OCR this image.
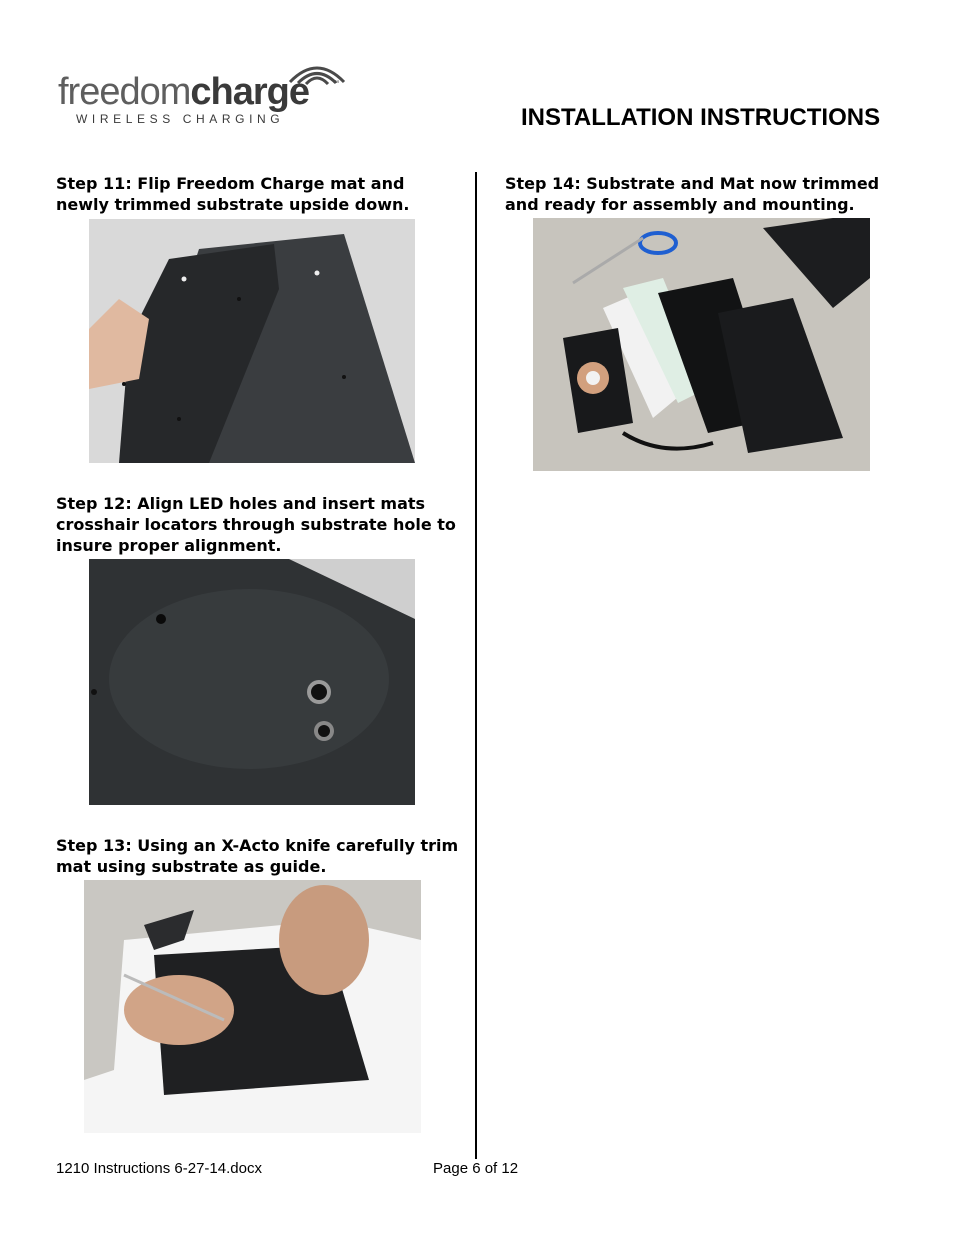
freedomcharge	™
WIRELESS CHARGING	INSTALLATION INSTRUCTIONS

Step 11: Flip Freedom Charge mat and newly trimmed substrate upside down.

Step 12: Align LED holes and insert mats crosshair locators through substrate hole to insure proper alignment.

Step 13: Using an X-Acto knife carefully trim mat using substrate as guide.

Step 14: Substrate and Mat now trimmed and ready for assembly and mounting.

1210 Instructions 6-27-14.docx	Page 6 of 12
